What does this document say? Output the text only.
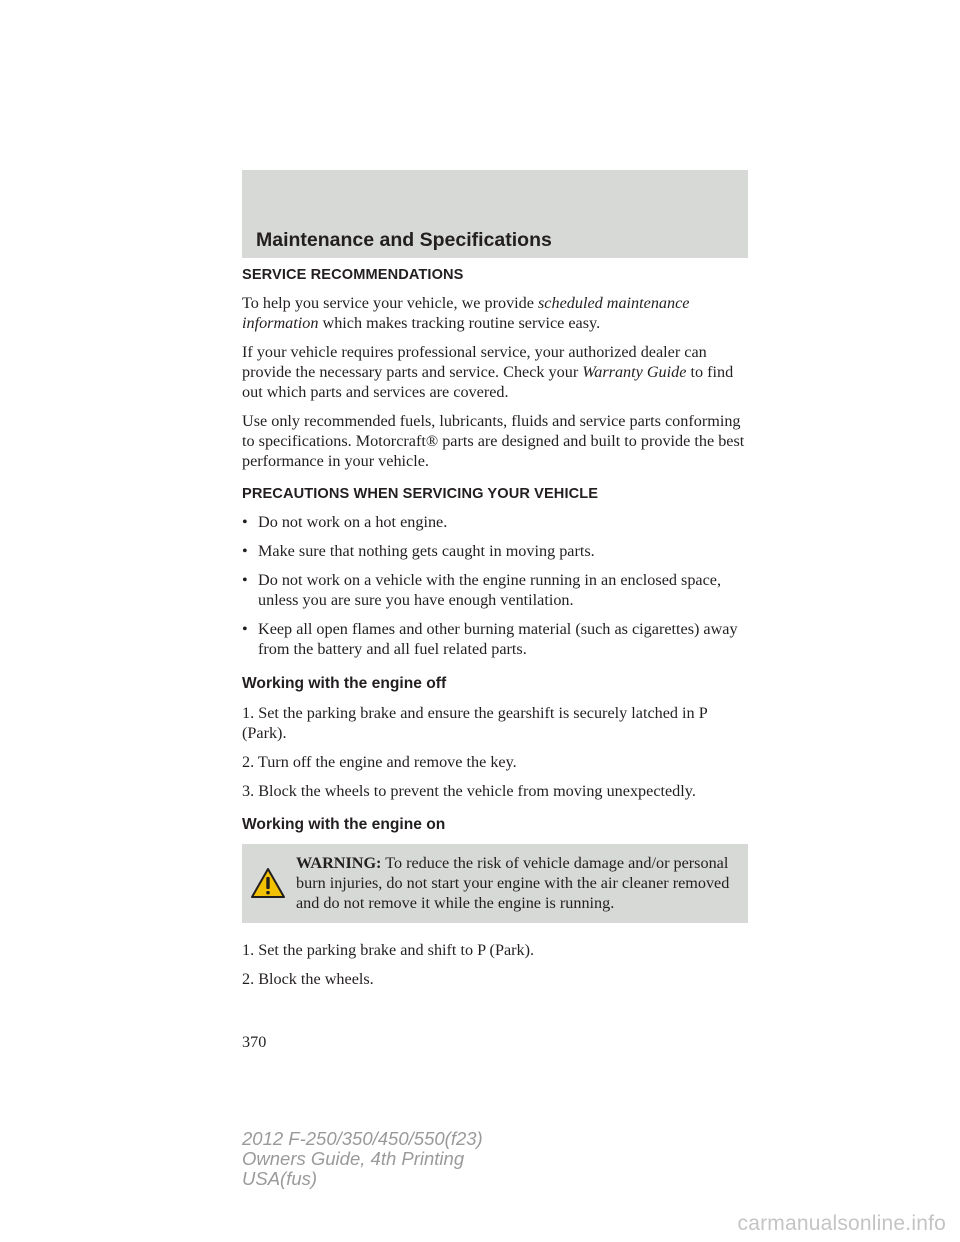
Maintenance and Specifications
SERVICE RECOMMENDATIONS

To help you service your vehicle, we provide scheduled maintenance information which makes tracking routine service easy.

If your vehicle requires professional service, your authorized dealer can provide the necessary parts and service. Check your Warranty Guide to find out which parts and services are covered.

Use only recommended fuels, lubricants, fluids and service parts conforming to specifications. Motorcraft® parts are designed and built to provide the best performance in your vehicle.

PRECAUTIONS WHEN SERVICING YOUR VEHICLE
• Do not work on a hot engine.
• Make sure that nothing gets caught in moving parts.
• Do not work on a vehicle with the engine running in an enclosed space, unless you are sure you have enough ventilation.
• Keep all open flames and other burning material (such as cigarettes) away from the battery and all fuel related parts.
Working with the engine off

1. Set the parking brake and ensure the gearshift is securely latched in P (Park).

2. Turn off the engine and remove the key.

3. Block the wheels to prevent the vehicle from moving unexpectedly.

Working with the engine on
WARNING: To reduce the risk of vehicle damage and/or personal burn injuries, do not start your engine with the air cleaner removed and do not remove it while the engine is running.

1. Set the parking brake and shift to P (Park).

2. Block the wheels.

370
2012 F-250/350/450/550(f23)
Owners Guide, 4th Printing
USA(fus)
carmanualsonline.info
